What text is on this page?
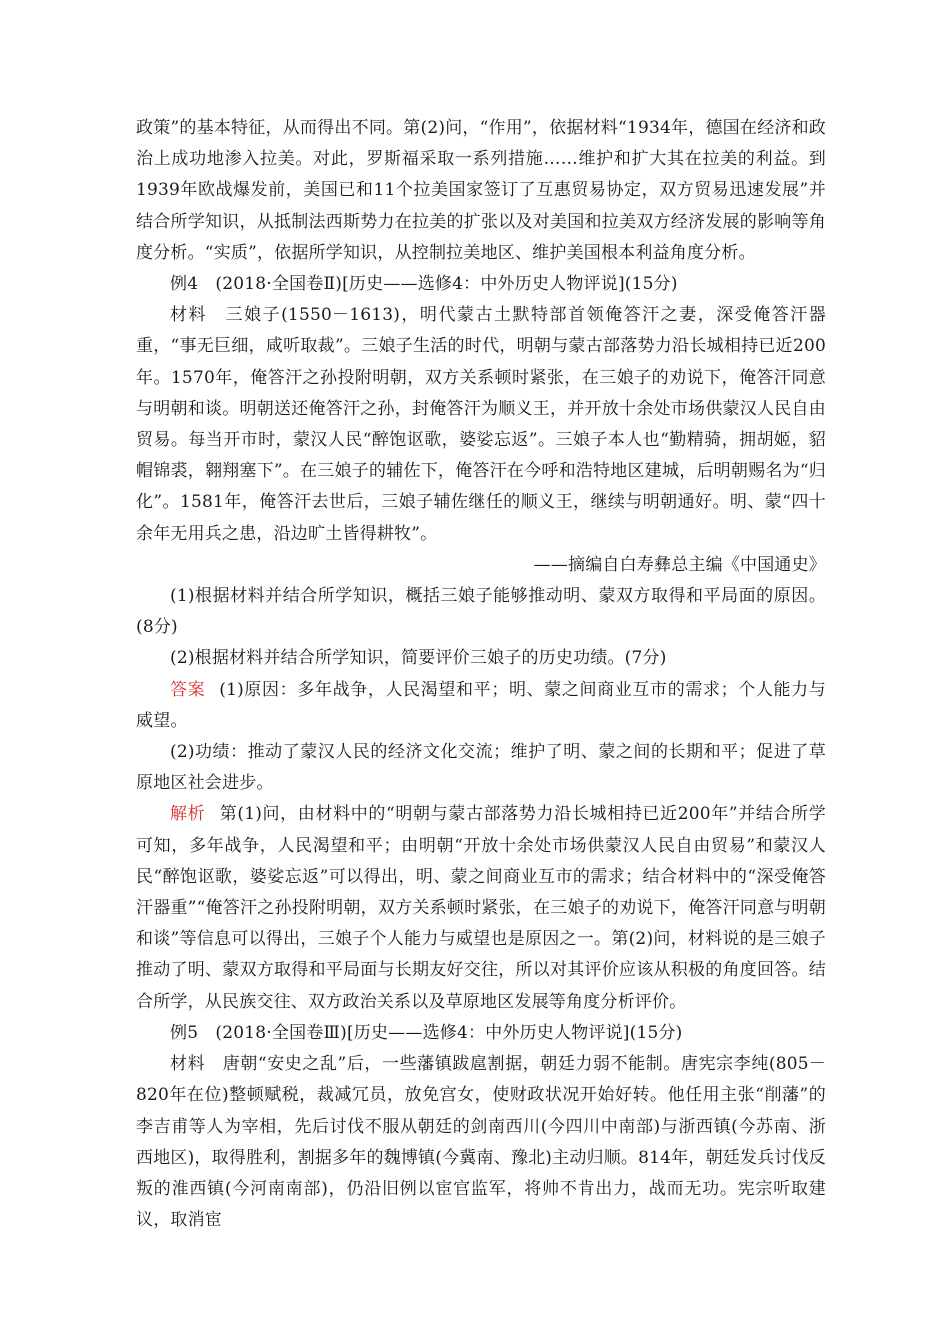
政策”的基本特征，从而得出不同。第(2)问，“作用”，依据材料“1934年，德国在经济和政治上成功地渗入拉美。对此，罗斯福采取一系列措施……维护和扩大其在拉美的利益。到1939年欧战爆发前，美国已和11个拉美国家签订了互惠贸易协定，双方贸易迅速发展”并结合所学知识，从抵制法西斯势力在拉美的扩张以及对美国和拉美双方经济发展的影响等角度分析。“实质”，依据所学知识，从控制拉美地区、维护美国根本利益角度分析。

例4　(2018·全国卷Ⅱ)[历史——选修4：中外历史人物评说](15分)

材料　三娘子(1550－1613)，明代蒙古土默特部首领俺答汗之妻，深受俺答汗器重，“事无巨细，咸听取裁”。三娘子生活的时代，明朝与蒙古部落势力沿长城相持已近200年。1570年，俺答汗之孙投附明朝，双方关系顿时紧张，在三娘子的劝说下，俺答汗同意与明朝和谈。明朝送还俺答汗之孙，封俺答汗为顺义王，并开放十余处市场供蒙汉人民自由贸易。每当开市时，蒙汉人民“醉饱讴歌，婆娑忘返”。三娘子本人也“勤精骑，拥胡姬，貂帽锦裘，翱翔塞下”。在三娘子的辅佐下，俺答汗在今呼和浩特地区建城，后明朝赐名为“归化”。1581年，俺答汗去世后，三娘子辅佐继任的顺义王，继续与明朝通好。明、蒙“四十余年无用兵之患，沿边旷土皆得耕牧”。

——摘编自白寿彝总主编《中国通史》

(1)根据材料并结合所学知识，概括三娘子能够推动明、蒙双方取得和平局面的原因。(8分)

(2)根据材料并结合所学知识，简要评价三娘子的历史功绩。(7分)

答案 (1)原因：多年战争，人民渴望和平；明、蒙之间商业互市的需求；个人能力与威望。

(2)功绩：推动了蒙汉人民的经济文化交流；维护了明、蒙之间的长期和平；促进了草原地区社会进步。

解析 第(1)问，由材料中的“明朝与蒙古部落势力沿长城相持已近200年”并结合所学可知，多年战争，人民渴望和平；由明朝“开放十余处市场供蒙汉人民自由贸易”和蒙汉人民“醉饱讴歌，婆娑忘返”可以得出，明、蒙之间商业互市的需求；结合材料中的“深受俺答汗器重”“俺答汗之孙投附明朝，双方关系顿时紧张，在三娘子的劝说下，俺答汗同意与明朝和谈”等信息可以得出，三娘子个人能力与威望也是原因之一。第(2)问，材料说的是三娘子推动了明、蒙双方取得和平局面与长期友好交往，所以对其评价应该从积极的角度回答。结合所学，从民族交往、双方政治关系以及草原地区发展等角度分析评价。

例5　(2018·全国卷Ⅲ)[历史——选修4：中外历史人物评说](15分)

材料　唐朝“安史之乱”后，一些藩镇跋扈割据，朝廷力弱不能制。唐宪宗李纯(805－820年在位)整顿赋税，裁减冗员，放免宫女，使财政状况开始好转。他任用主张“削藩”的李吉甫等人为宰相，先后讨伐不服从朝廷的剑南西川(今四川中南部)与浙西镇(今苏南、浙西地区)，取得胜利，割据多年的魏博镇(今冀南、豫北)主动归顺。814年，朝廷发兵讨伐反叛的淮西镇(今河南南部)，仍沿旧例以宦官监军，将帅不肯出力，战而无功。宪宗听取建议，取消宦
